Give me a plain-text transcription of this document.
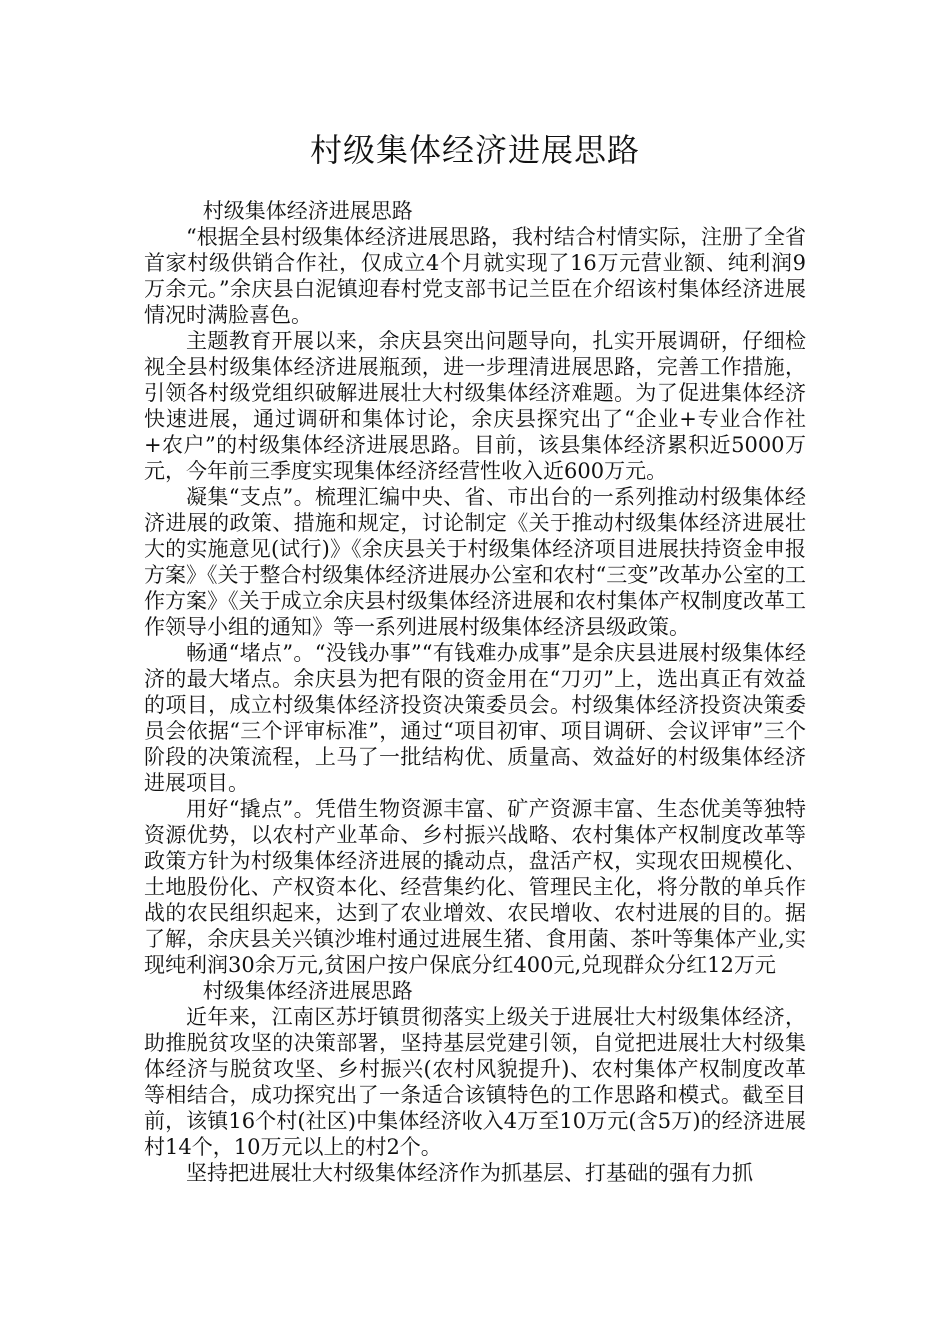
村级集体经济进展思路

村级集体经济进展思路

“根据全县村级集体经济进展思路，我村结合村情实际，注册了全省首家村级供销合作社，仅成立4个月就实现了16万元营业额、纯利润9万余元。”余庆县白泥镇迎春村党支部书记兰臣在介绍该村集体经济进展情况时满脸喜色。

主题教育开展以来，余庆县突出问题导向，扎实开展调研，仔细检视全县村级集体经济进展瓶颈，进一步理清进展思路，完善工作措施，引领各村级党组织破解进展壮大村级集体经济难题。为了促进集体经济快速进展，通过调研和集体讨论，余庆县探究出了“企业+专业合作社+农户”的村级集体经济进展思路。目前，该县集体经济累积近5000万元，今年前三季度实现集体经济经营性收入近600万元。

凝集“支点”。梳理汇编中央、省、市出台的一系列推动村级集体经济进展的政策、措施和规定，讨论制定《关于推动村级集体经济进展壮大的实施意见(试行)》《余庆县关于村级集体经济项目进展扶持资金申报方案》《关于整合村级集体经济进展办公室和农村“三变”改革办公室的工作方案》《关于成立余庆县村级集体经济进展和农村集体产权制度改革工作领导小组的通知》等一系列进展村级集体经济县级政策。

畅通“堵点”。“没钱办事”“有钱难办成事”是余庆县进展村级集体经济的最大堵点。余庆县为把有限的资金用在“刀刃”上，选出真正有效益的项目，成立村级集体经济投资决策委员会。村级集体经济投资决策委员会依据“三个评审标准”，通过“项目初审、项目调研、会议评审”三个阶段的决策流程，上马了一批结构优、质量高、效益好的村级集体经济进展项目。

用好“撬点”。凭借生物资源丰富、矿产资源丰富、生态优美等独特资源优势，以农村产业革命、乡村振兴战略、农村集体产权制度改革等政策方针为村级集体经济进展的撬动点，盘活产权，实现农田规模化、土地股份化、产权资本化、经营集约化、管理民主化，将分散的单兵作战的农民组织起来，达到了农业增效、农民增收、农村进展的目的。据了解，余庆县关兴镇沙堆村通过进展生猪、食用菌、茶叶等集体产业,实现纯利润30余万元,贫困户按户保底分红400元,兑现群众分红12万元

村级集体经济进展思路

近年来，江南区苏圩镇贯彻落实上级关于进展壮大村级集体经济，助推脱贫攻坚的决策部署，坚持基层党建引领，自觉把进展壮大村级集体经济与脱贫攻坚、乡村振兴(农村风貌提升)、农村集体产权制度改革等相结合，成功探究出了一条适合该镇特色的工作思路和模式。截至目前，该镇16个村(社区)中集体经济收入4万至10万元(含5万)的经济进展村14个，10万元以上的村2个。

坚持把进展壮大村级集体经济作为抓基层、打基础的强有力抓
